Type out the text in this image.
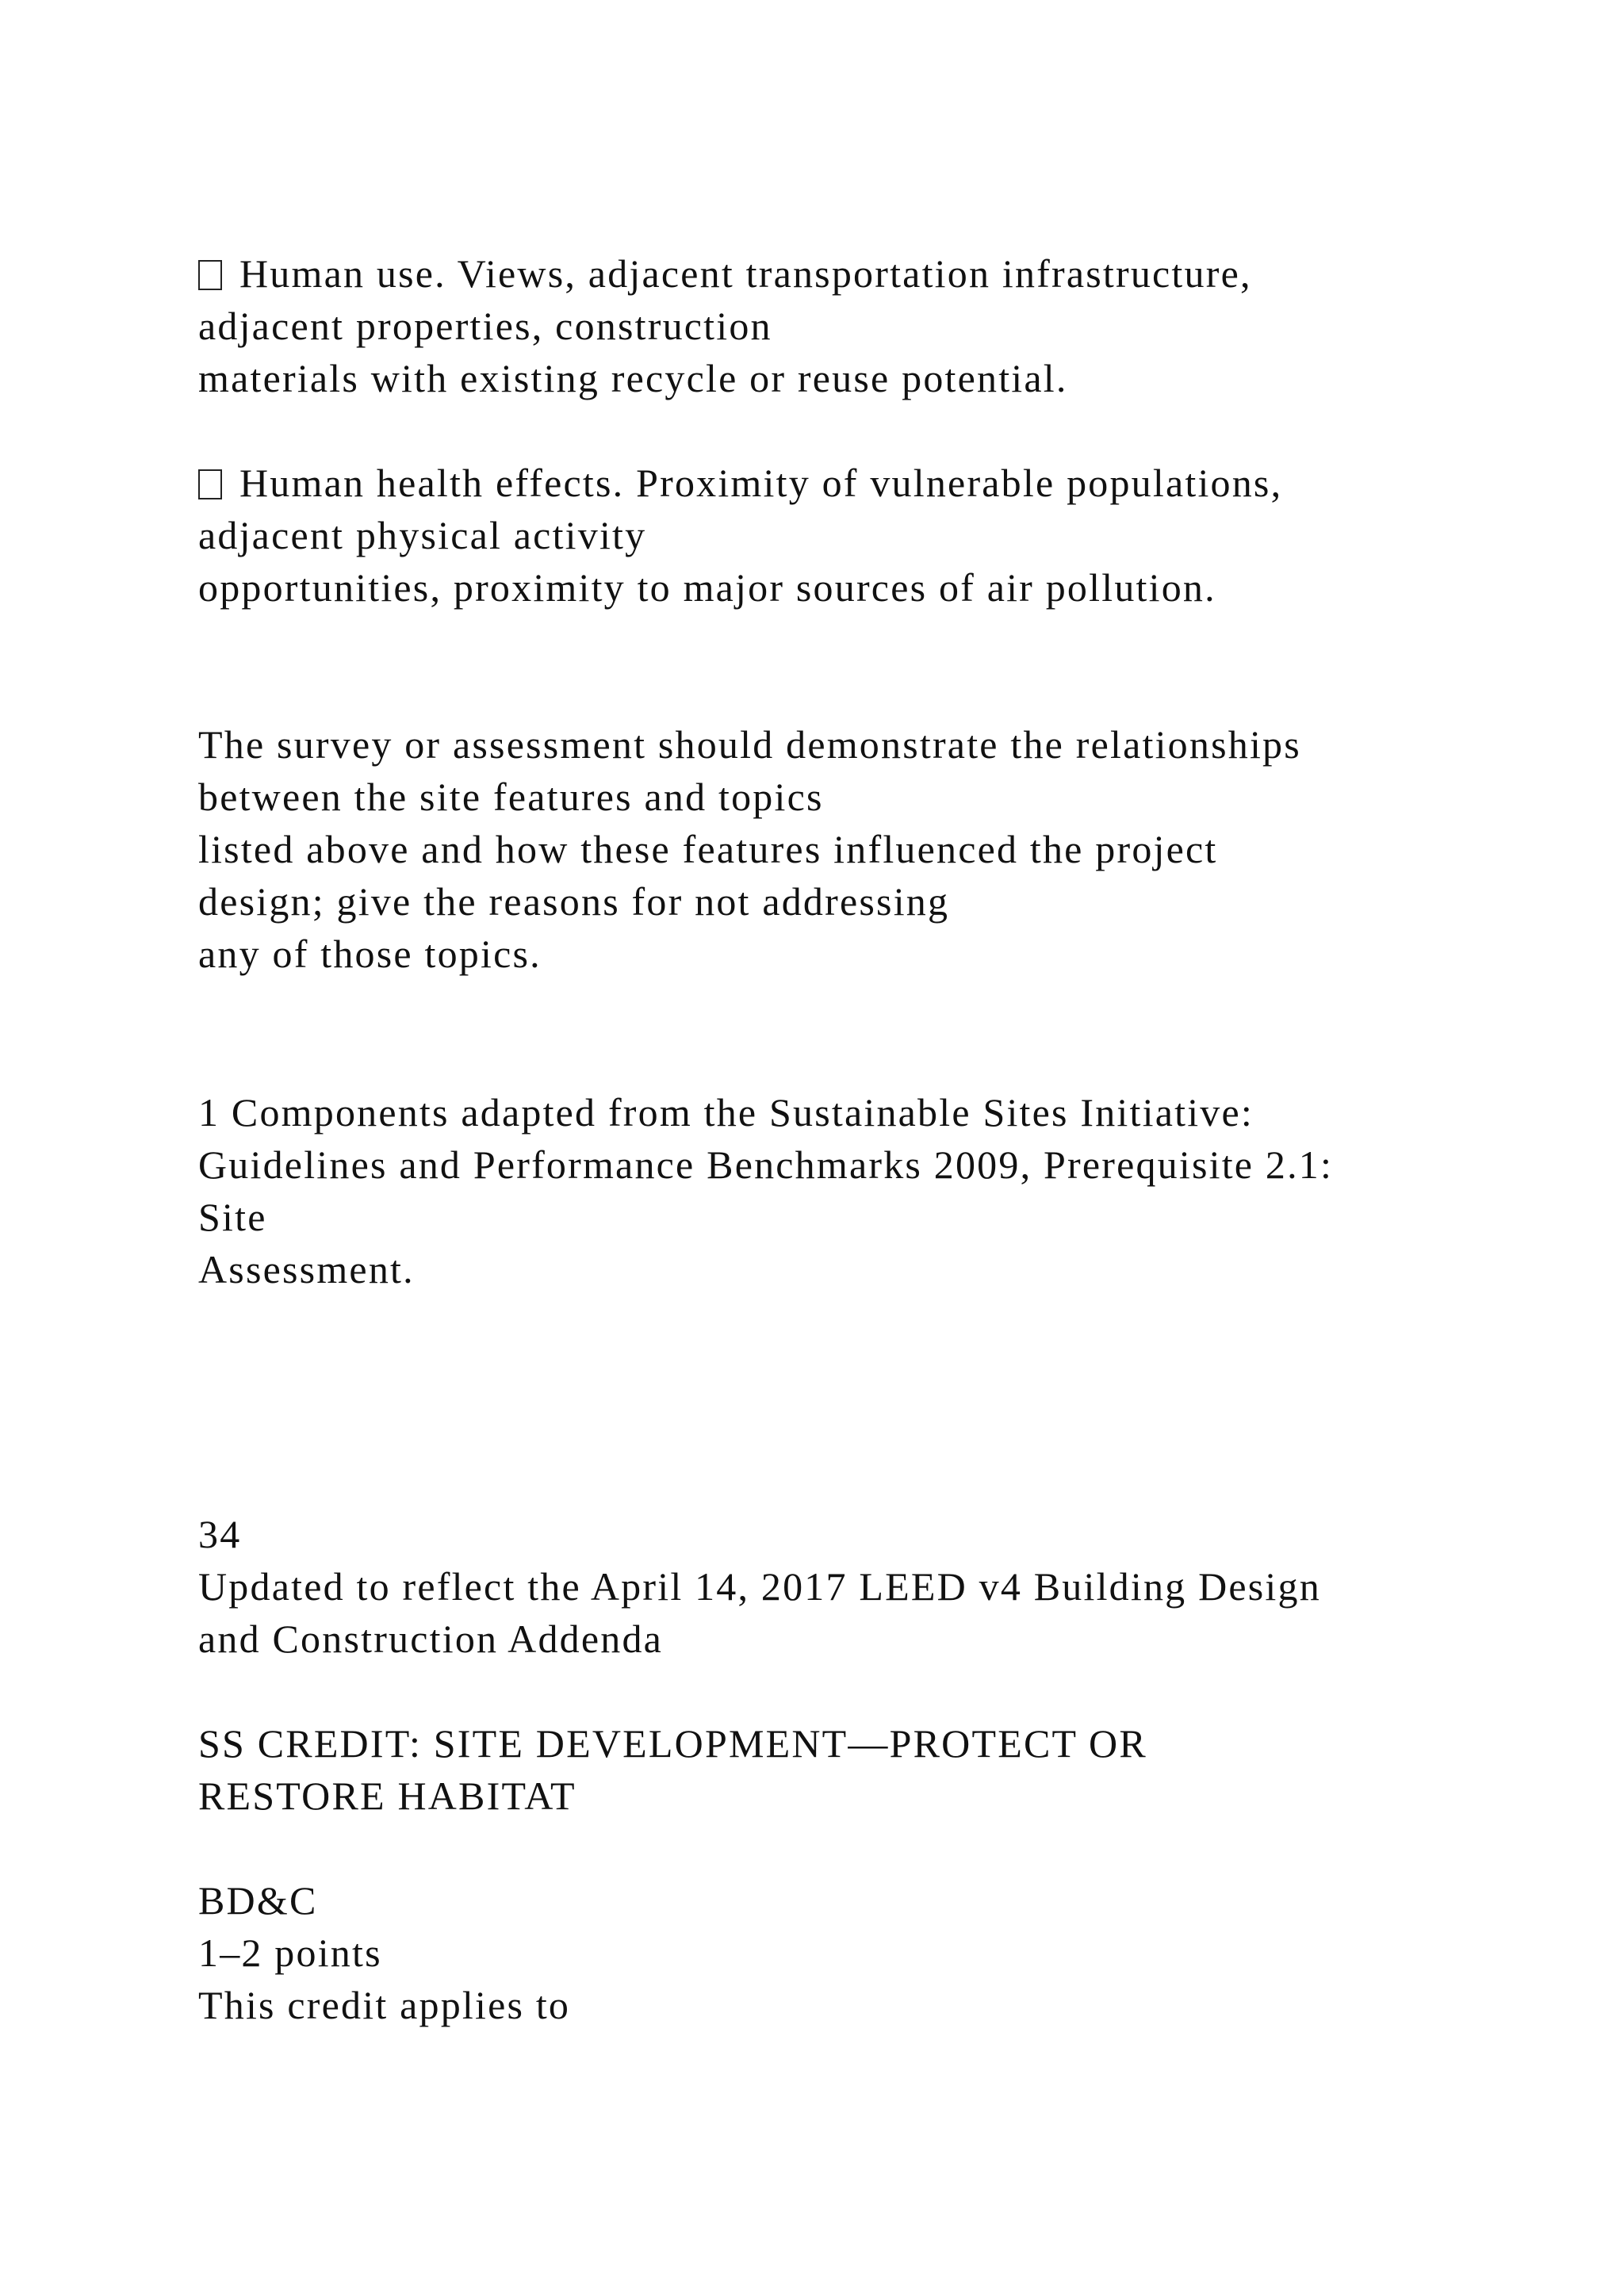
Human use. Views, adjacent transportation infrastructure,
adjacent properties, construction
materials with existing recycle or reuse potential.
Human health effects. Proximity of vulnerable populations,
adjacent physical activity
opportunities, proximity to major sources of air pollution.
The survey or assessment should demonstrate the relationships
between the site features and topics
listed above and how these features influenced the project
design; give the reasons for not addressing
any of those topics.
1 Components adapted from the Sustainable Sites Initiative:
Guidelines and Performance Benchmarks 2009, Prerequisite 2.1:
Site
Assessment.
34
Updated to reflect the April 14, 2017 LEED v4 Building Design
and Construction Addenda
SS CREDIT: SITE DEVELOPMENT—PROTECT OR
RESTORE HABITAT
BD&C
1–2 points
This credit applies to
